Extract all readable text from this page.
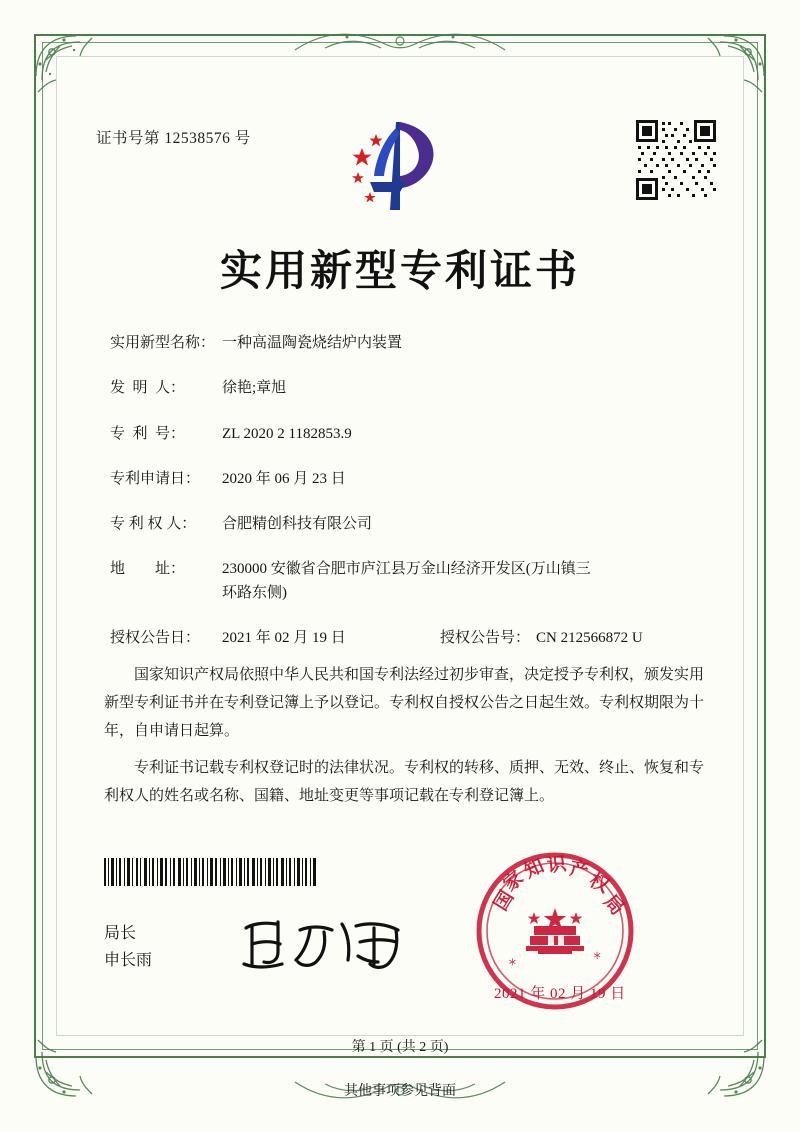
证书号第 12538576 号
实用新型专利证书
实用新型名称： 一种高温陶瓷烧结炉内装置
发  明  人：	徐艳;章旭
专  利  号：	ZL 2020 2 1182853.9
专利申请日：	2020 年 06 月 23 日
专 利 权 人：	合肥精创科技有限公司
地        址：	230000 安徽省合肥市庐江县万金山经济开发区(万山镇三
环路东侧)
授权公告日：	2021 年 02 月 19 日	授权公告号： CN 212566872 U

国家知识产权局依照中华人民共和国专利法经过初步审查，决定授予专利权，颁发实用新型专利证书并在专利登记簿上予以登记。专利权自授权公告之日起生效。专利权期限为十年，自申请日起算。

专利证书记载专利权登记时的法律状况。专利权的转移、质押、无效、终止、恢复和专利权人的姓名或名称、国籍、地址变更等事项记载在专利登记簿上。

局长
申长雨
国
家
知
识 产
权
局
⁎	⁎
2021 年 02 月 19 日
第 1 页 (共 2 页)
其他事项参见背面
